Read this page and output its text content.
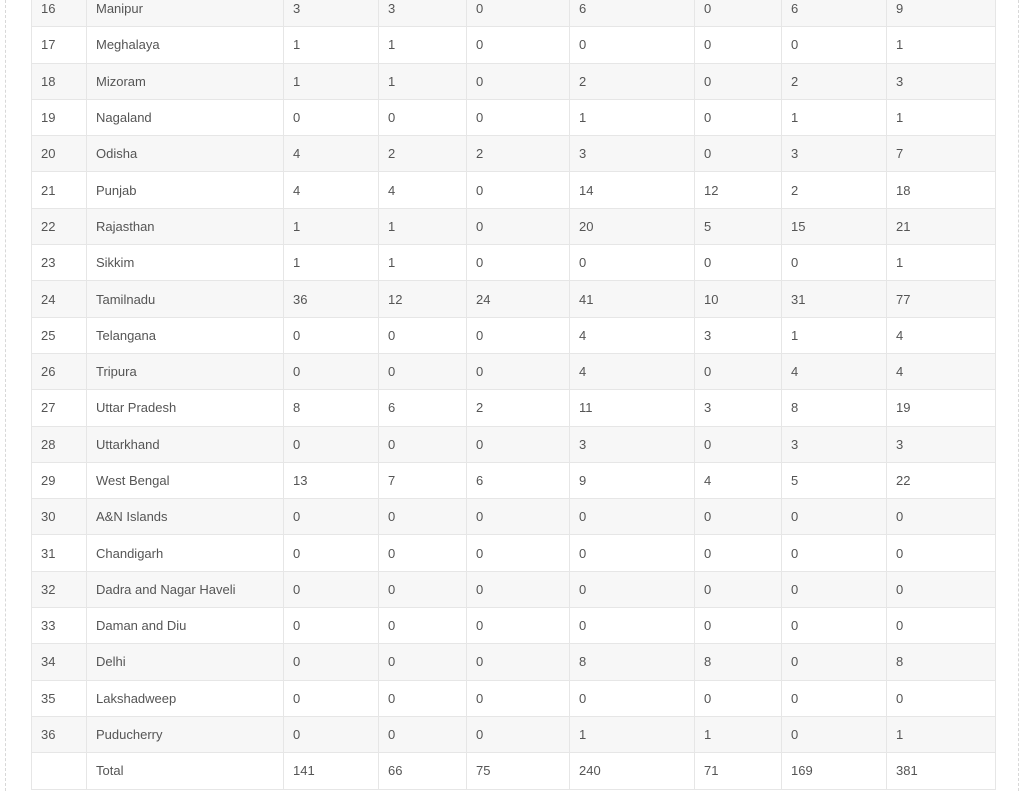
16	Manipur	3	3	0	6	0	6	9
17	Meghalaya	1	1	0	0	0	0	1
18	Mizoram	1	1	0	2	0	2	3
19	Nagaland	0	0	0	1	0	1	1
20	Odisha	4	2	2	3	0	3	7
21	Punjab	4	4	0	14	12	2	18
22	Rajasthan	1	1	0	20	5	15	21
23	Sikkim	1	1	0	0	0	0	1
24	Tamilnadu	36	12	24	41	10	31	77
25	Telangana	0	0	0	4	3	1	4
26	Tripura	0	0	0	4	0	4	4
27	Uttar Pradesh	8	6	2	11	3	8	19
28	Uttarkhand	0	0	0	3	0	3	3
29	West Bengal	13	7	6	9	4	5	22
30	A&N Islands	0	0	0	0	0	0	0
31	Chandigarh	0	0	0	0	0	0	0
32	Dadra and Nagar Haveli	0	0	0	0	0	0	0
33	Daman and Diu	0	0	0	0	0	0	0
34	Delhi	0	0	0	8	8	0	8
35	Lakshadweep	0	0	0	0	0	0	0
36	Puducherry	0	0	0	1	1	0	1
	Total	141	66	75	240	71	169	381
